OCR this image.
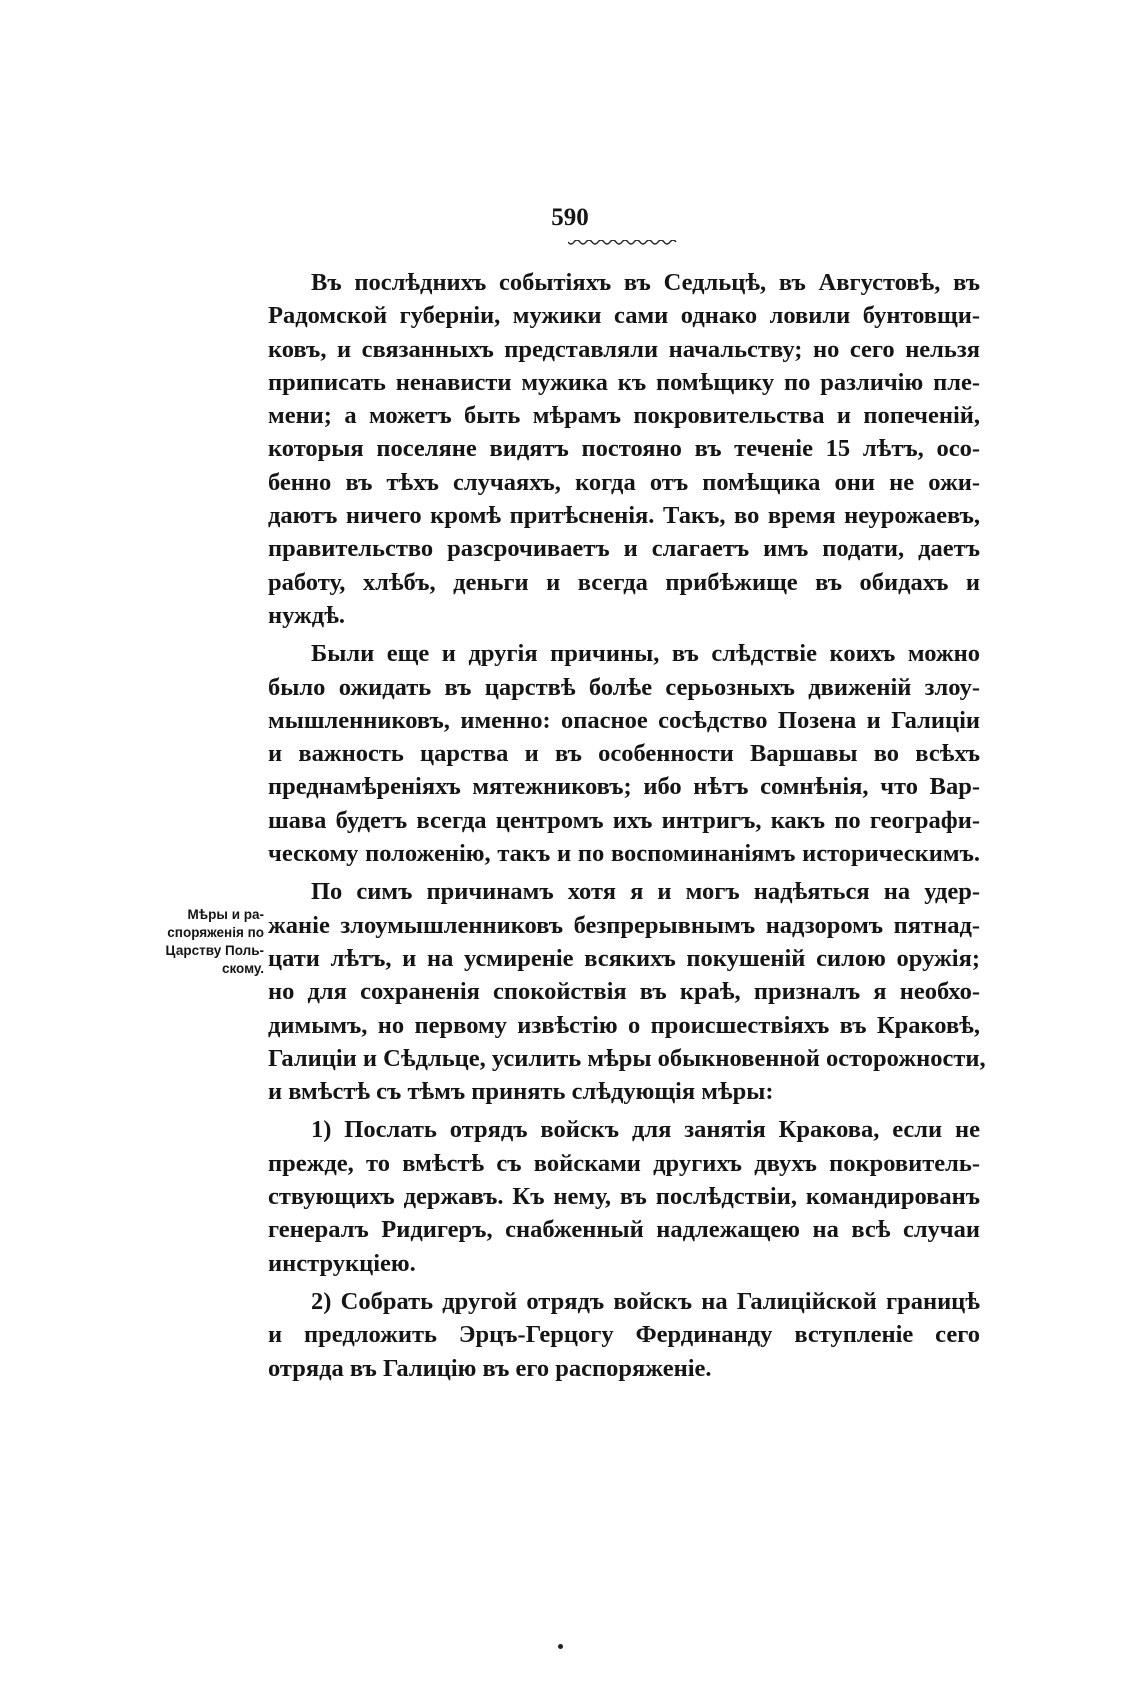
590
Мѣры и ра-
споряженія по
Царству Поль-
скому.
Въ послѣднихъ событіяхъ въ Седльцѣ, въ Августовѣ, въ
Радомской губерніи, мужики сами однако ловили бунтовщи-
ковъ, и связанныхъ представляли начальству; но сего нельзя
приписать ненависти мужика къ помѣщику по различію пле-
мени; а можетъ быть мѣрамъ покровительства и попеченій,
которыя поселяне видятъ постояно въ теченіе 15 лѣтъ, осо-
бенно въ тѣхъ случаяхъ, когда отъ помѣщика они не ожи-
даютъ ничего кромѣ притѣсненія. Такъ, во время неурожаевъ,
правительство разсрочиваетъ и слагаетъ имъ подати, даетъ
работу, хлѣбъ, деньги и всегда прибѣжище въ обидахъ и
нуждѣ.
Были еще и другія причины, въ слѣдствіе коихъ можно
было ожидать въ царствѣ болѣе серьозныхъ движеній злоу-
мышленниковъ, именно: опасное сосѣдство Позена и Галиціи
и важность царства и въ особенности Варшавы во всѣхъ
преднамѣреніяхъ мятежниковъ; ибо нѣтъ сомнѣнія, что Вар-
шава будетъ всегда центромъ ихъ интригъ, какъ по географи-
ческому положенію, такъ и по воспоминаніямъ историческимъ.
По симъ причинамъ хотя я и могъ надѣяться на удер-
жаніе злоумышленниковъ безпрерывнымъ надзоромъ пятнад-
цати лѣтъ, и на усмиреніе всякихъ покушеній силою оружія;
но для сохраненія спокойствія въ краѣ, призналъ я необхо-
димымъ, но первому извѣстію о происшествіяхъ въ Краковѣ,
Галиціи и Сѣдльце, усилить мѣры обыкновенной осторожности,
и вмѣстѣ съ тѣмъ принять слѣдующія мѣры:
1) Послать отрядъ войскъ для занятія Кракова, если не
прежде, то вмѣстѣ съ войсками другихъ двухъ покровитель-
ствующихъ державъ. Къ нему, въ послѣдствіи, командированъ
генералъ Ридигеръ, снабженный надлежащею на всѣ случаи
инструкціею.
2) Собрать другой отрядъ войскъ на Галиційской границѣ
и предложить Эрцъ-Герцогу Фердинанду вступленіе сего
отряда въ Галицію въ его распоряженіе.
